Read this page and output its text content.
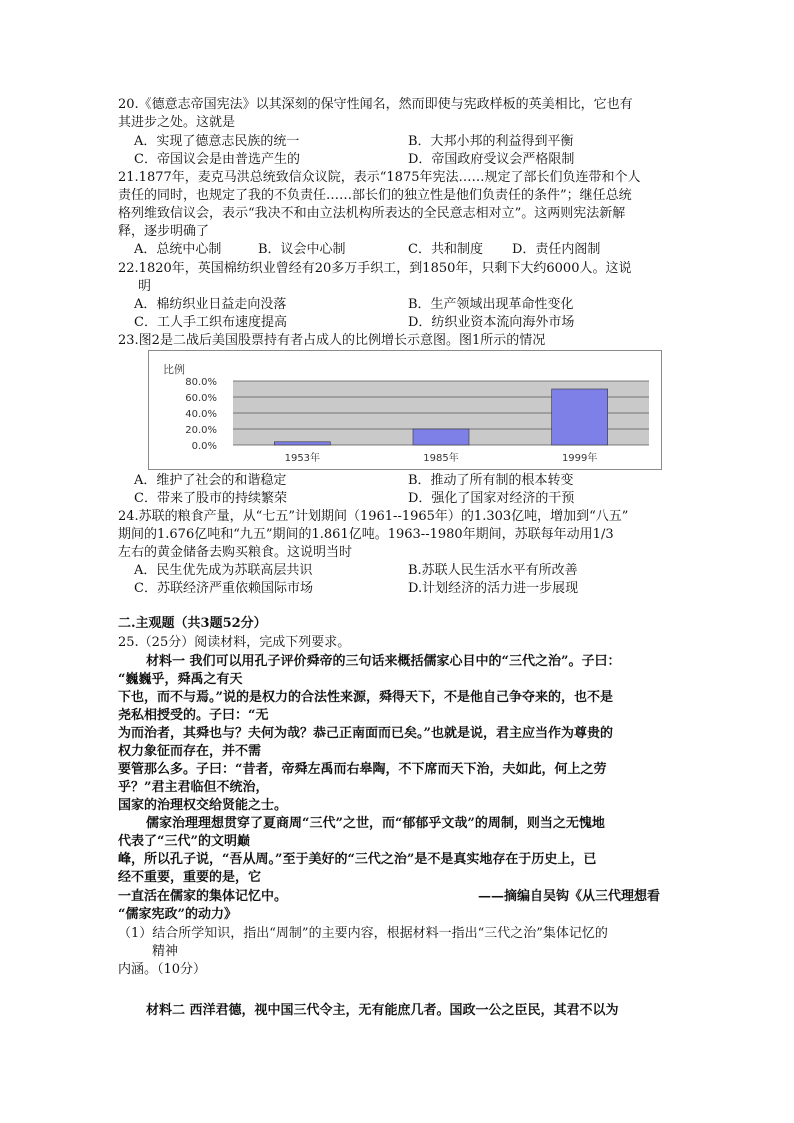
20.《德意志帝国宪法》以其深刻的保守性闻名，然而即使与宪政样板的英美相比，它也有
其进步之处。这就是
A．实现了德意志民族的统一	B．大邦小邦的利益得到平衡
C．帝国议会是由普选产生的	D．帝国政府受议会严格限制
21.1877年，麦克马洪总统致信众议院，表示“1875年宪法……规定了部长们负连带和个人
责任的同时，也规定了我的不负责任……部长们的独立性是他们负责任的条件”；继任总统
格列维致信议会，表示“我决不和由立法机构所表达的全民意志相对立”。这两则宪法新解
释，逐步明确了
A．总统中心制	B．议会中心制	C．共和制度 D．责任内阁制
22.1820年，英国棉纺织业曾经有20多万手织工，到1850年，只剩下大约6000人。这说
明
A．棉纺织业日益走向没落	B．生产领域出现革命性变化
C．工人手工织布速度提高	D．纺织业资本流向海外市场
23.图2是二战后美国股票持有者占成人的比例增长示意图。图1所示的情况
比例
0.0%
20.0%
40.0%
60.0%
80.0%
1953年	1985年	1999年
A．维护了社会的和谐稳定	B．推动了所有制的根本转变
C．带来了股市的持续繁荣	D．强化了国家对经济的干预
24.苏联的粮食产量，从“七五”计划期间（1961--1965年）的1.303亿吨，增加到“八五”
期间的1.676亿吨和“九五”期间的1.861亿吨。1963--1980年期间，苏联每年动用1/3
左右的黄金储备去购买粮食。这说明当时
A．民生优先成为苏联高层共识	B.苏联人民生活水平有所改善
C．苏联经济严重依赖国际市场	D.计划经济的活力进一步展现
二.主观题（共3题52分）
25.（25分）阅读材料，完成下列要求。
材料一 我们可以用孔子评价舜帝的三句话来概括儒家心目中的“三代之治”。子曰：
“巍巍乎，舜禹之有天
下也，而不与焉。”说的是权力的合法性来源，舜得天下，不是他自己争夺来的，也不是
尧私相授受的。子曰：“无
为而治者，其舜也与？夫何为哉？恭己正南面而已矣。”也就是说，君主应当作为尊贵的
权力象征而存在，并不需
要管那么多。子曰：“昔者，帝舜左禹而右皋陶，不下席而天下治，夫如此，何上之劳
乎？”君主君临但不统治，
国家的治理权交给贤能之士。
儒家治理理想贯穿了夏商周“三代”之世，而“郁郁乎文哉”的周制，则当之无愧地
代表了“三代”的文明巅
峰，所以孔子说，“吾从周。”至于美好的“三代之治”是不是真实地存在于历史上，已
经不重要，重要的是，它
一直活在儒家的集体记忆中。	——摘编自吴钩《从三代理想看
“儒家宪政”的动力》
（1）结合所学知识，指出“周制”的主要内容，根据材料一指出“三代之治”集体记忆的
精神
内涵。（10分）
材料二 西洋君德，视中国三代令主，无有能庶几者。国政一公之臣民，其君不以为
